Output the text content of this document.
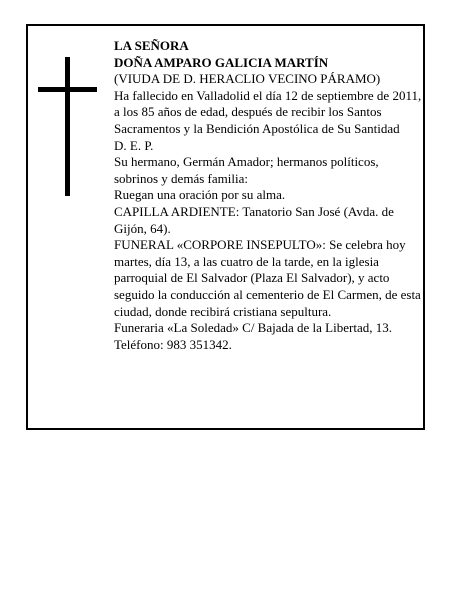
LA SEÑORA

DOÑA AMPARO GALICIA MARTÍN

(VIUDA DE D. HERACLIO VECINO PÁRAMO)

Ha fallecido en Valladolid el día 12 de septiembre de 2011, a los 85 años de edad, después de recibir los Santos Sacramentos y la Bendición Apostólica de Su Santidad

D. E. P.

Su hermano, Germán Amador; hermanos políticos, sobrinos y demás familia:

Ruegan una oración por su alma.

CAPILLA ARDIENTE: Tanatorio San José (Avda. de Gijón, 64).

FUNERAL «CORPORE INSEPULTO»: Se celebra hoy martes, día 13, a las cuatro de la tarde, en la iglesia parroquial de El Salvador (Plaza El Salvador), y acto seguido la conducción al cementerio de El Carmen, de esta ciudad, donde recibirá cristiana sepultura.

Funeraria «La Soledad» C/ Bajada de la Libertad, 13. Teléfono: 983 351342.
